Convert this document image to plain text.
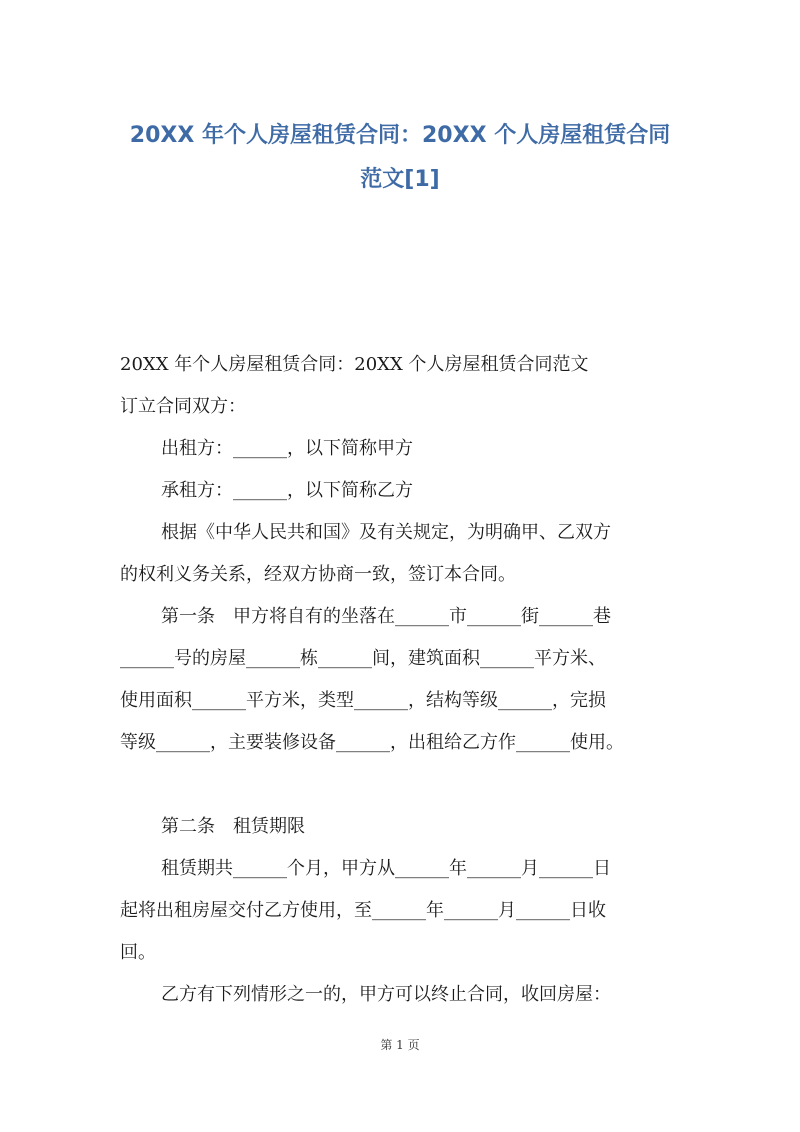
20XX 年个人房屋租赁合同：20XX 个人房屋租赁合同
范文[1]
20XX 年个人房屋租赁合同：20XX 个人房屋租赁合同范文
订立合同双方：
出租方：______，以下简称甲方
承租方：______，以下简称乙方
根据《中华人民共和国》及有关规定，为明确甲、乙双方
的权利义务关系，经双方协商一致，签订本合同。
第一条　甲方将自有的坐落在______市______街______巷
______号的房屋______栋______间，建筑面积______平方米、
使用面积______平方米，类型______，结构等级______，完损
等级______，主要装修设备______，出租给乙方作______使用。
第二条　租赁期限
租赁期共______个月，甲方从______年______月______日
起将出租房屋交付乙方使用，至______年______月______日收
回。
乙方有下列情形之一的，甲方可以终止合同，收回房屋：
第 1 页
